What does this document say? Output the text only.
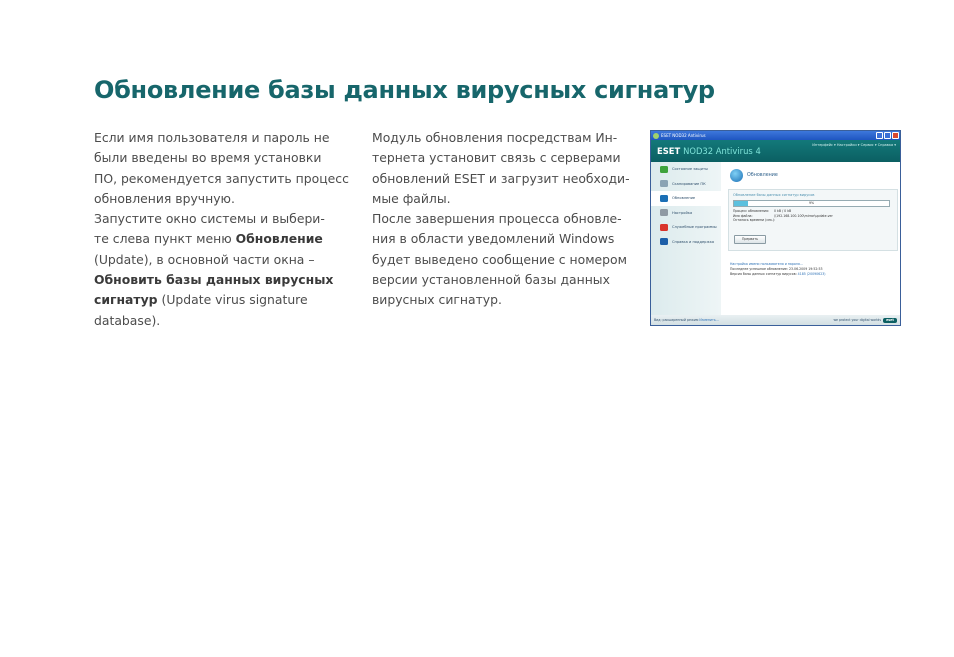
Обновление базы данных вирусных сигнатур
Если имя пользователя и пароль не
были введены во время установки
ПО, рекомендуется запустить процесс
обновления вручную.
Запустите окно системы и выбери-
те слева пункт меню Обновление
(Update), в основной части окна –
Обновить базы данных вирусных
сигнатур (Update virus signature
database).
Модуль обновления посредствам Ин-
тернета установит связь с серверами
обновлений ESET и загрузит необходи-
мые файлы.
После завершения процесса обновле-
ния в области уведомлений Windows
будет выведено сообщение с номером
версии установленной базы данных
вирусных сигнатур.
ESET NOD32 Antivirus
ESET NOD32 Antivirus 4
Интерфейс ▾ Настройки ▾ Сервис ▾ Справка ▾
Состояние защиты
Сканирование ПК
Обновление
Настройка
Служебные программы
Справка и поддержка
Обновление
Обновление базы данных сигнатур вирусов
9%
Процесс обновления: 0 kB / 0 kB
Имя файла:	\\192.168.100.100\mirror\update.ver
Осталось времени (сек.):
Прервать
Настройка имени пользователя и пароля...
Последнее успешное обновление: 23.06.2009 19:52:53
Версия базы данных сигнатур вирусов: 4185 (20090623)
Вид: расширенный режим Изменить...	we protect your digital worlds	eset
